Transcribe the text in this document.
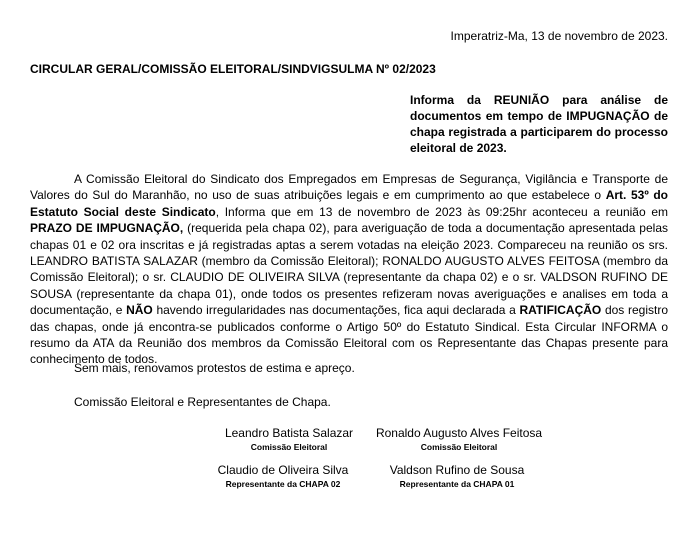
Imperatriz-Ma, 13 de novembro de 2023.
CIRCULAR GERAL/COMISSÃO ELEITORAL/SINDVIGSULMA Nº 02/2023
Informa da REUNIÃO para análise de documentos em tempo de IMPUGNAÇÃO de chapa registrada a participarem do processo eleitoral de 2023.
A Comissão Eleitoral do Sindicato dos Empregados em Empresas de Segurança, Vigilância e Transporte de Valores do Sul do Maranhão, no uso de suas atribuições legais e em cumprimento ao que estabelece o Art. 53º do Estatuto Social deste Sindicato, Informa que em 13 de novembro de 2023 às 09:25hr aconteceu a reunião em PRAZO DE IMPUGNAÇÃO, (requerida pela chapa 02), para averiguação de toda a documentação apresentada pelas chapas 01 e 02 ora inscritas e já registradas aptas a serem votadas na eleição 2023. Compareceu na reunião os srs. LEANDRO BATISTA SALAZAR (membro da Comissão Eleitoral); RONALDO AUGUSTO ALVES FEITOSA (membro da Comissão Eleitoral); o sr. CLAUDIO DE OLIVEIRA SILVA (representante da chapa 02) e o sr. VALDSON RUFINO DE SOUSA (representante da chapa 01), onde todos os presentes refizeram novas averiguações e analises em toda a documentação, e NÃO havendo irregularidades nas documentações, fica aqui declarada a RATIFICAÇÃO dos registro das chapas, onde já encontra-se publicados conforme o Artigo 50º do Estatuto Sindical. Esta Circular INFORMA o resumo da ATA da Reunião dos membros da Comissão Eleitoral com os Representante das Chapas presente para conhecimento de todos.
Sem mais, renovamos protestos de estima e apreço.
Comissão Eleitoral e Representantes de Chapa.
Leandro Batista Salazar
Comissão Eleitoral
Ronaldo Augusto Alves Feitosa
Comissão Eleitoral
Claudio de Oliveira Silva
Representante da CHAPA 02
Valdson Rufino de Sousa
Representante da CHAPA 01
